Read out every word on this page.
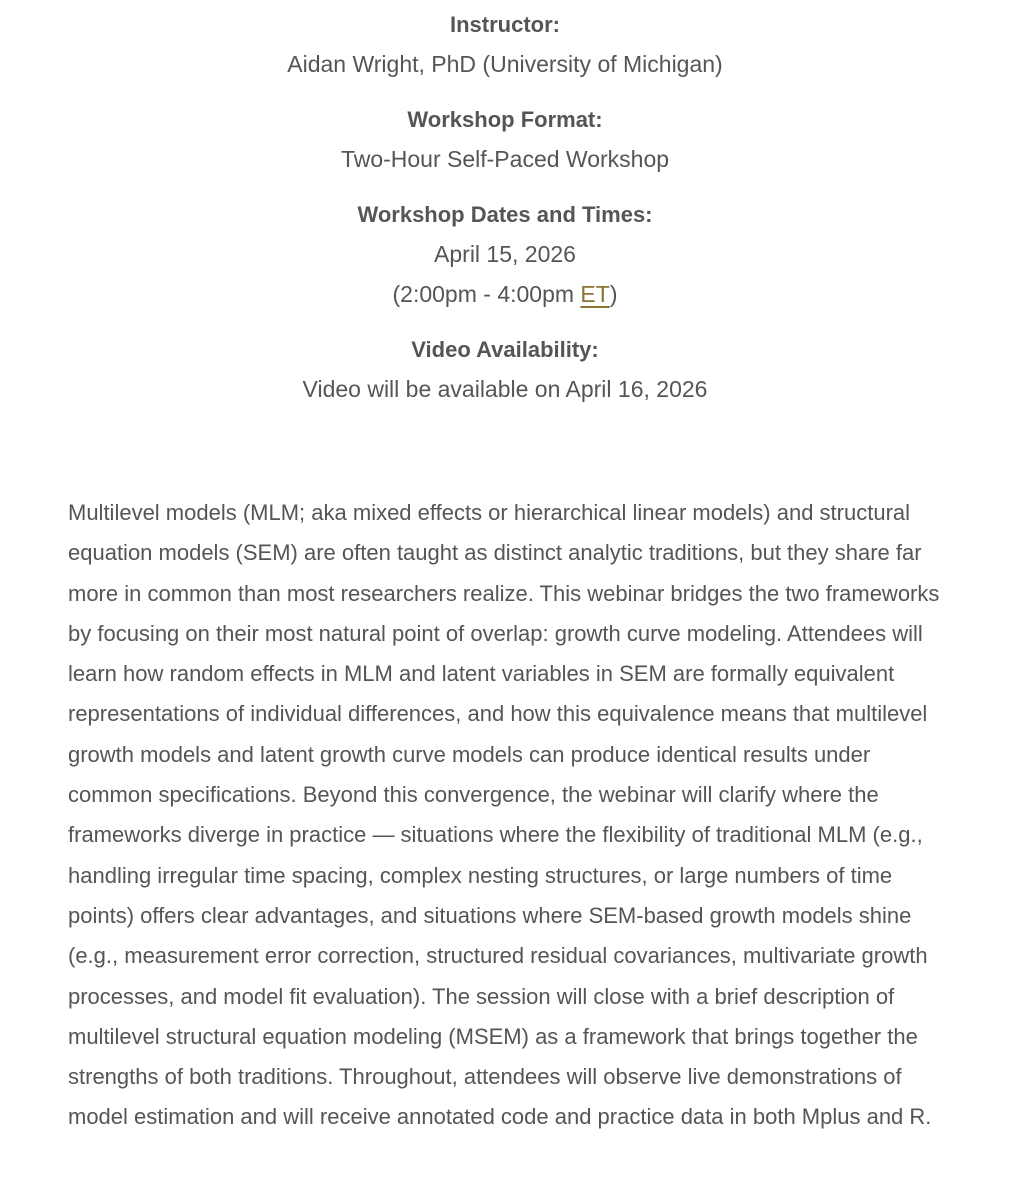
Instructor:
Aidan Wright, PhD (University of Michigan)
Workshop Format:
Two-Hour Self-Paced Workshop
Workshop Dates and Times:
April 15, 2026
(2:00pm - 4:00pm ET)
Video Availability:
Video will be available on April 16, 2026

Multilevel models (MLM; aka mixed effects or hierarchical linear models) and structural equation models (SEM) are often taught as distinct analytic traditions, but they share far more in common than most researchers realize. This webinar bridges the two frameworks by focusing on their most natural point of overlap: growth curve modeling. Attendees will learn how random effects in MLM and latent variables in SEM are formally equivalent representations of individual differences, and how this equivalence means that multilevel growth models and latent growth curve models can produce identical results under common specifications. Beyond this convergence, the webinar will clarify where the frameworks diverge in practice — situations where the flexibility of traditional MLM (e.g., handling irregular time spacing, complex nesting structures, or large numbers of time points) offers clear advantages, and situations where SEM-based growth models shine (e.g., measurement error correction, structured residual covariances, multivariate growth processes, and model fit evaluation). The session will close with a brief description of multilevel structural equation modeling (MSEM) as a framework that brings together the strengths of both traditions. Throughout, attendees will observe live demonstrations of model estimation and will receive annotated code and practice data in both Mplus and R.
